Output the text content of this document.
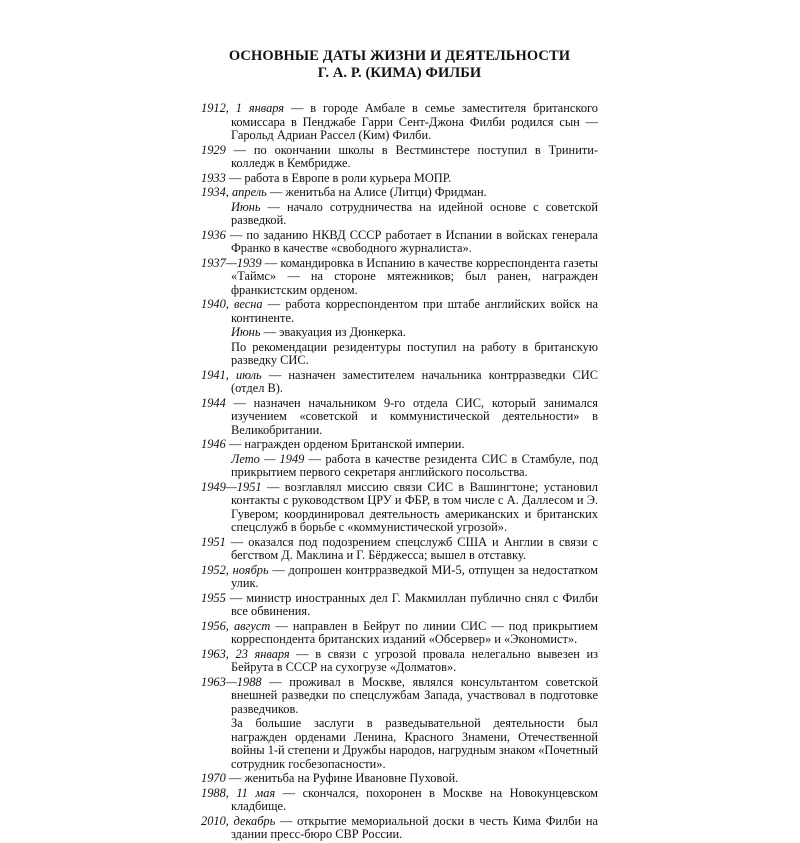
ОСНОВНЫЕ ДАТЫ ЖИЗНИ И ДЕЯТЕЛЬНОСТИ
Г. А. Р. (КИМА) ФИЛБИ
1912, 1 января — в городе Амбале в семье заместителя британского комиссара в Пенджабе Гарри Сент-Джона Филби родился сын — Гарольд Адриан Рассел (Ким) Филби.
1929 — по окончании школы в Вестминстере поступил в Тринити-колледж в Кембридже.
1933 — работа в Европе в роли курьера МОПР.
1934, апрель — женитьба на Алисе (Литци) Фридман.
Июнь — начало сотрудничества на идейной основе с советской разведкой.
1936 — по заданию НКВД СССР работает в Испании в войсках генерала Франко в качестве «свободного журналиста».
1937—1939 — командировка в Испанию в качестве корреспондента газеты «Таймс» — на стороне мятежников; был ранен, награжден франкистским орденом.
1940, весна — работа корреспондентом при штабе английских войск на континенте.
Июнь — эвакуация из Дюнкерка.
По рекомендации резидентуры поступил на работу в британскую разведку СИС.
1941, июль — назначен заместителем начальника контрразведки СИС (отдел В).
1944 — назначен начальником 9-го отдела СИС, который занимался изучением «советской и коммунистической деятельности» в Великобритании.
1946 — награжден орденом Британской империи.
Лето — 1949 — работа в качестве резидента СИС в Стамбуле, под прикрытием первого секретаря английского посольства.
1949—1951 — возглавлял миссию связи СИС в Вашингтоне; установил контакты с руководством ЦРУ и ФБР, в том числе с А. Даллесом и Э. Гувером; координировал деятельность американских и британских спецслужб в борьбе с «коммунистической угрозой».
1951 — оказался под подозрением спецслужб США и Англии в связи с бегством Д. Маклина и Г. Бёрджесса; вышел в отставку.
1952, ноябрь — допрошен контрразведкой МИ-5, отпущен за недостатком улик.
1955 — министр иностранных дел Г. Макмиллан публично снял с Филби все обвинения.
1956, август — направлен в Бейрут по линии СИС — под прикрытием корреспондента британских изданий «Обсервер» и «Экономист».
1963, 23 января — в связи с угрозой провала нелегально вывезен из Бейрута в СССР на сухогрузе «Долматов».
1963—1988 — проживал в Москве, являлся консультантом советской внешней разведки по спецслужбам Запада, участвовал в подготовке разведчиков.
За большие заслуги в разведывательной деятельности был награжден орденами Ленина, Красного Знамени, Отечественной войны 1-й степени и Дружбы народов, нагрудным знаком «Почетный сотрудник госбезопасности».
1970 — женитьба на Руфине Ивановне Пуховой.
1988, 11 мая — скончался, похоронен в Москве на Новокунцевском кладбище.
2010, декабрь — открытие мемориальной доски в честь Кима Филби на здании пресс-бюро СВР России.
